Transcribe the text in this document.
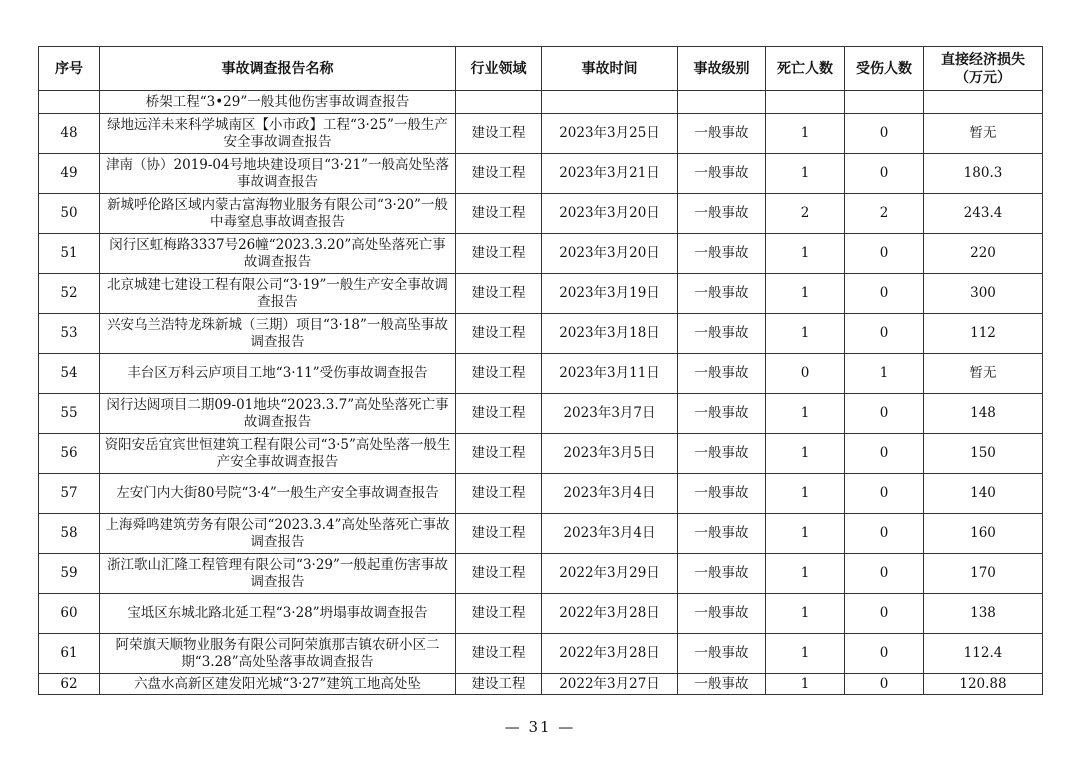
序号	事故调查报告名称	行业领域	事故时间	事故级别	死亡人数	受伤人数	直接经济损失
（万元）
	桥架工程“3•29”一般其他伤害事故调查报告						
48	绿地远洋未来科学城南区【小市政】工程“3·25”一般生产安全事故调查报告	建设工程	2023年3月25日	一般事故	1	0	暂无
49	津南（协）2019-04号地块建设项目“3·21”一般高处坠落事故调查报告	建设工程	2023年3月21日	一般事故	1	0	180.3
50	新城呼伦路区域内蒙古富海物业服务有限公司“3·20”一般中毒窒息事故调查报告	建设工程	2023年3月20日	一般事故	2	2	243.4
51	闵行区虹梅路3337号26幢“2023.3.20”高处坠落死亡事故调查报告	建设工程	2023年3月20日	一般事故	1	0	220
52	北京城建七建设工程有限公司“3·19”一般生产安全事故调查报告	建设工程	2023年3月19日	一般事故	1	0	300
53	兴安乌兰浩特龙珠新城（三期）项目“3·18”一般高坠事故调查报告	建设工程	2023年3月18日	一般事故	1	0	112
54	丰台区万科云庐项目工地“3·11”受伤事故调查报告	建设工程	2023年3月11日	一般事故	0	1	暂无
55	闵行达闼项目二期09-01地块“2023.3.7”高处坠落死亡事故调查报告	建设工程	2023年3月7日	一般事故	1	0	148
56	资阳安岳宜宾世恒建筑工程有限公司“3·5”高处坠落一般生产安全事故调查报告	建设工程	2023年3月5日	一般事故	1	0	150
57	左安门内大街80号院“3·4”一般生产安全事故调查报告	建设工程	2023年3月4日	一般事故	1	0	140
58	上海舜鸣建筑劳务有限公司“2023.3.4”高处坠落死亡事故调查报告	建设工程	2023年3月4日	一般事故	1	0	160
59	浙江歌山汇隆工程管理有限公司“3·29”一般起重伤害事故调查报告	建设工程	2022年3月29日	一般事故	1	0	170
60	宝坻区东城北路北延工程“3·28”坍塌事故调查报告	建设工程	2022年3月28日	一般事故	1	0	138
61	阿荣旗天顺物业服务有限公司阿荣旗那吉镇农研小区二期“3.28”高处坠落事故调查报告	建设工程	2022年3月28日	一般事故	1	0	112.4
62	六盘水高新区建发阳光城“3·27”建筑工地高处坠	建设工程	2022年3月27日	一般事故	1	0	120.88
— 31 —
